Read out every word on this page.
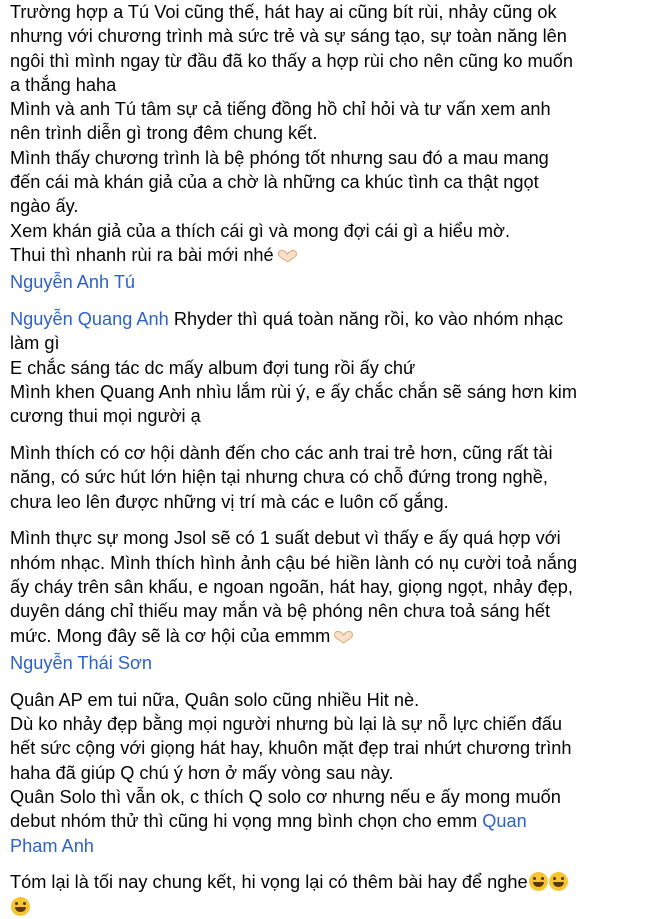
Trường hợp a Tú Voi cũng thế, hát hay ai cũng bít rùi, nhảy cũng ok
nhưng với chương trình mà sức trẻ và sự sáng tạo, sự toàn năng lên
ngôi thì mình ngay từ đầu đã ko thấy a hợp rùi cho nên cũng ko muốn
a thắng haha
Mình và anh Tú tâm sự cả tiếng đồng hồ chỉ hỏi và tư vấn xem anh
nên trình diễn gì trong đêm chung kết.
Mình thấy chương trình là bệ phóng tốt nhưng sau đó a mau mang
đến cái mà khán giả của a chờ là những ca khúc tình ca thật ngọt
ngào ấy.
Xem khán giả của a thích cái gì và mong đợi cái gì a hiểu mờ.
Thui thì nhanh rùi ra bài mới nhé
Nguyễn Anh Tú
Nguyễn Quang Anh Rhyder thì quá toàn năng rồi, ko vào nhóm nhạc
làm gì
E chắc sáng tác dc mấy album đợi tung rồi ấy chứ
Mình khen Quang Anh nhìu lắm rùi ý, e ấy chắc chắn sẽ sáng hơn kim
cương thui mọi người ạ
Mình thích có cơ hội dành đến cho các anh trai trẻ hơn, cũng rất tài
năng, có sức hút lớn hiện tại nhưng chưa có chỗ đứng trong nghề,
chưa leo lên được những vị trí mà các e luôn cố gắng.
Mình thực sự mong Jsol sẽ có 1 suất debut vì thấy e ấy quá hợp với
nhóm nhạc. Mình thích hình ảnh cậu bé hiền lành có nụ cười toả nắng
ấy cháy trên sân khấu, e ngoan ngoãn, hát hay, giọng ngọt, nhảy đẹp,
duyên dáng chỉ thiếu may mắn và bệ phóng nên chưa toả sáng hết
mức. Mong đây sẽ là cơ hội của emmm
Nguyễn Thái Sơn
Quân AP em tui nữa, Quân solo cũng nhiều Hit nè.
Dù ko nhảy đẹp bằng mọi người nhưng bù lại là sự nỗ lực chiến đấu
hết sức cộng với giọng hát hay, khuôn mặt đẹp trai nhứt chương trình
haha đã giúp Q chú ý hơn ở mấy vòng sau này.
Quân Solo thì vẫn ok, c thích Q solo cơ nhưng nếu e ấy mong muốn
debut nhóm thử thì cũng hi vọng mng bình chọn cho emm Quan
Pham Anh
Tóm lại là tối nay chung kết, hi vọng lại có thêm bài hay để nghe
